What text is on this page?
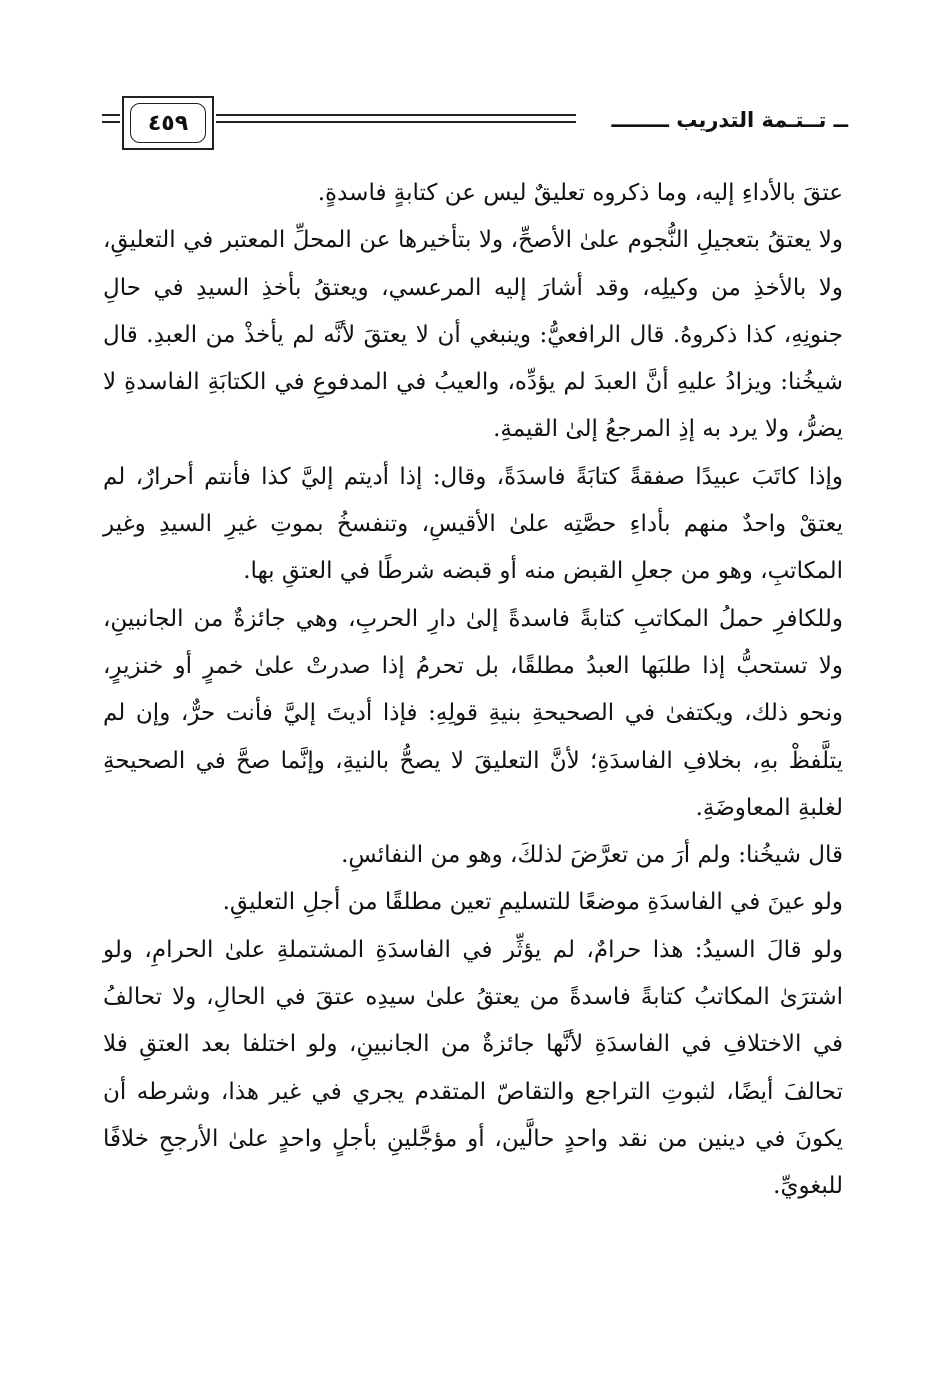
٤٥٩	ــ تــتـمة التدريب ــــــــ

عتقَ بالأداءِ إليه، وما ذكروه تعليقٌ ليس عن كتابةٍ فاسدةٍ.

ولا يعتقُ بتعجيلِ النُّجوم علىٰ الأصحِّ، ولا بتأخيرها عن المحلِّ المعتبر في التعليقِ، ولا بالأخذِ من وكيلِه، وقد أشارَ إليه المرعسي، ويعتقُ بأخذِ السيدِ في حالِ جنونِهِ، كذا ذكروهُ. قال الرافعيُّ: وينبغي أن لا يعتقَ لأنَّه لم يأخذْ من العبدِ. قال شيخُنا: ويزادُ عليهِ أنَّ العبدَ لم يؤدِّه، والعيبُ في المدفوعِ في الكتابَةِ الفاسدةِ لا يضرُّ، ولا يرد به إذِ المرجعُ إلىٰ القيمةِ.

وإذا كاتَبَ عبيدًا صفقةً كتابَةً فاسدَةً، وقال: إذا أديتم إليَّ كذا فأنتم أحرارٌ، لم يعتقْ واحدٌ منهم بأداءِ حصَّتِه علىٰ الأقيسِ، وتنفسخُ بموتِ غيرِ السيدِ وغير المكاتبِ، وهو من جعلِ القبض منه أو قبضه شرطًا في العتقِ بها.

وللكافرِ حملُ المكاتبِ كتابةً فاسدةً إلىٰ دارِ الحربِ، وهي جائزةٌ من الجانبينِ، ولا تستحبُّ إذا طلبَها العبدُ مطلقًا، بل تحرمُ إذا صدرتْ علىٰ خمرٍ أو خنزيرٍ، ونحو ذلك، ويكتفىٰ في الصحيحةِ بنيةِ قولِهِ: فإذا أديتَ إليَّ فأنت حرٌّ، وإن لم يتلَّفظْ بهِ، بخلافِ الفاسدَةِ؛ لأنَّ التعليقَ لا يصحُّ بالنيةِ، وإنَّما صحَّ في الصحيحةِ لغلبةِ المعاوضَةِ.

قال شيخُنا: ولم أرَ من تعرَّضَ لذلكَ، وهو من النفائسِ.

ولو عينَ في الفاسدَةِ موضعًا للتسليمِ تعين مطلقًا من أجلِ التعليقِ.

ولو قالَ السيدُ: هذا حرامٌ، لم يؤثِّر في الفاسدَةِ المشتملةِ علىٰ الحرامِ، ولو اشترَىٰ المكاتبُ كتابةً فاسدةً من يعتقُ علىٰ سيدِه عتقَ في الحالِ، ولا تحالفُ في الاختلافِ في الفاسدَةِ لأنَّها جائزةٌ من الجانبينِ، ولو اختلفا بعد العتقِ فلا تحالفَ أيضًا، لثبوتِ التراجع والتقاصّ المتقدم يجري في غير هذا، وشرطه أن يكونَ في دينين من نقد واحدٍ حالَّين، أو مؤجَّلينِ بأجلٍ واحدٍ علىٰ الأرجحِ خلافًا للبغويِّ.
